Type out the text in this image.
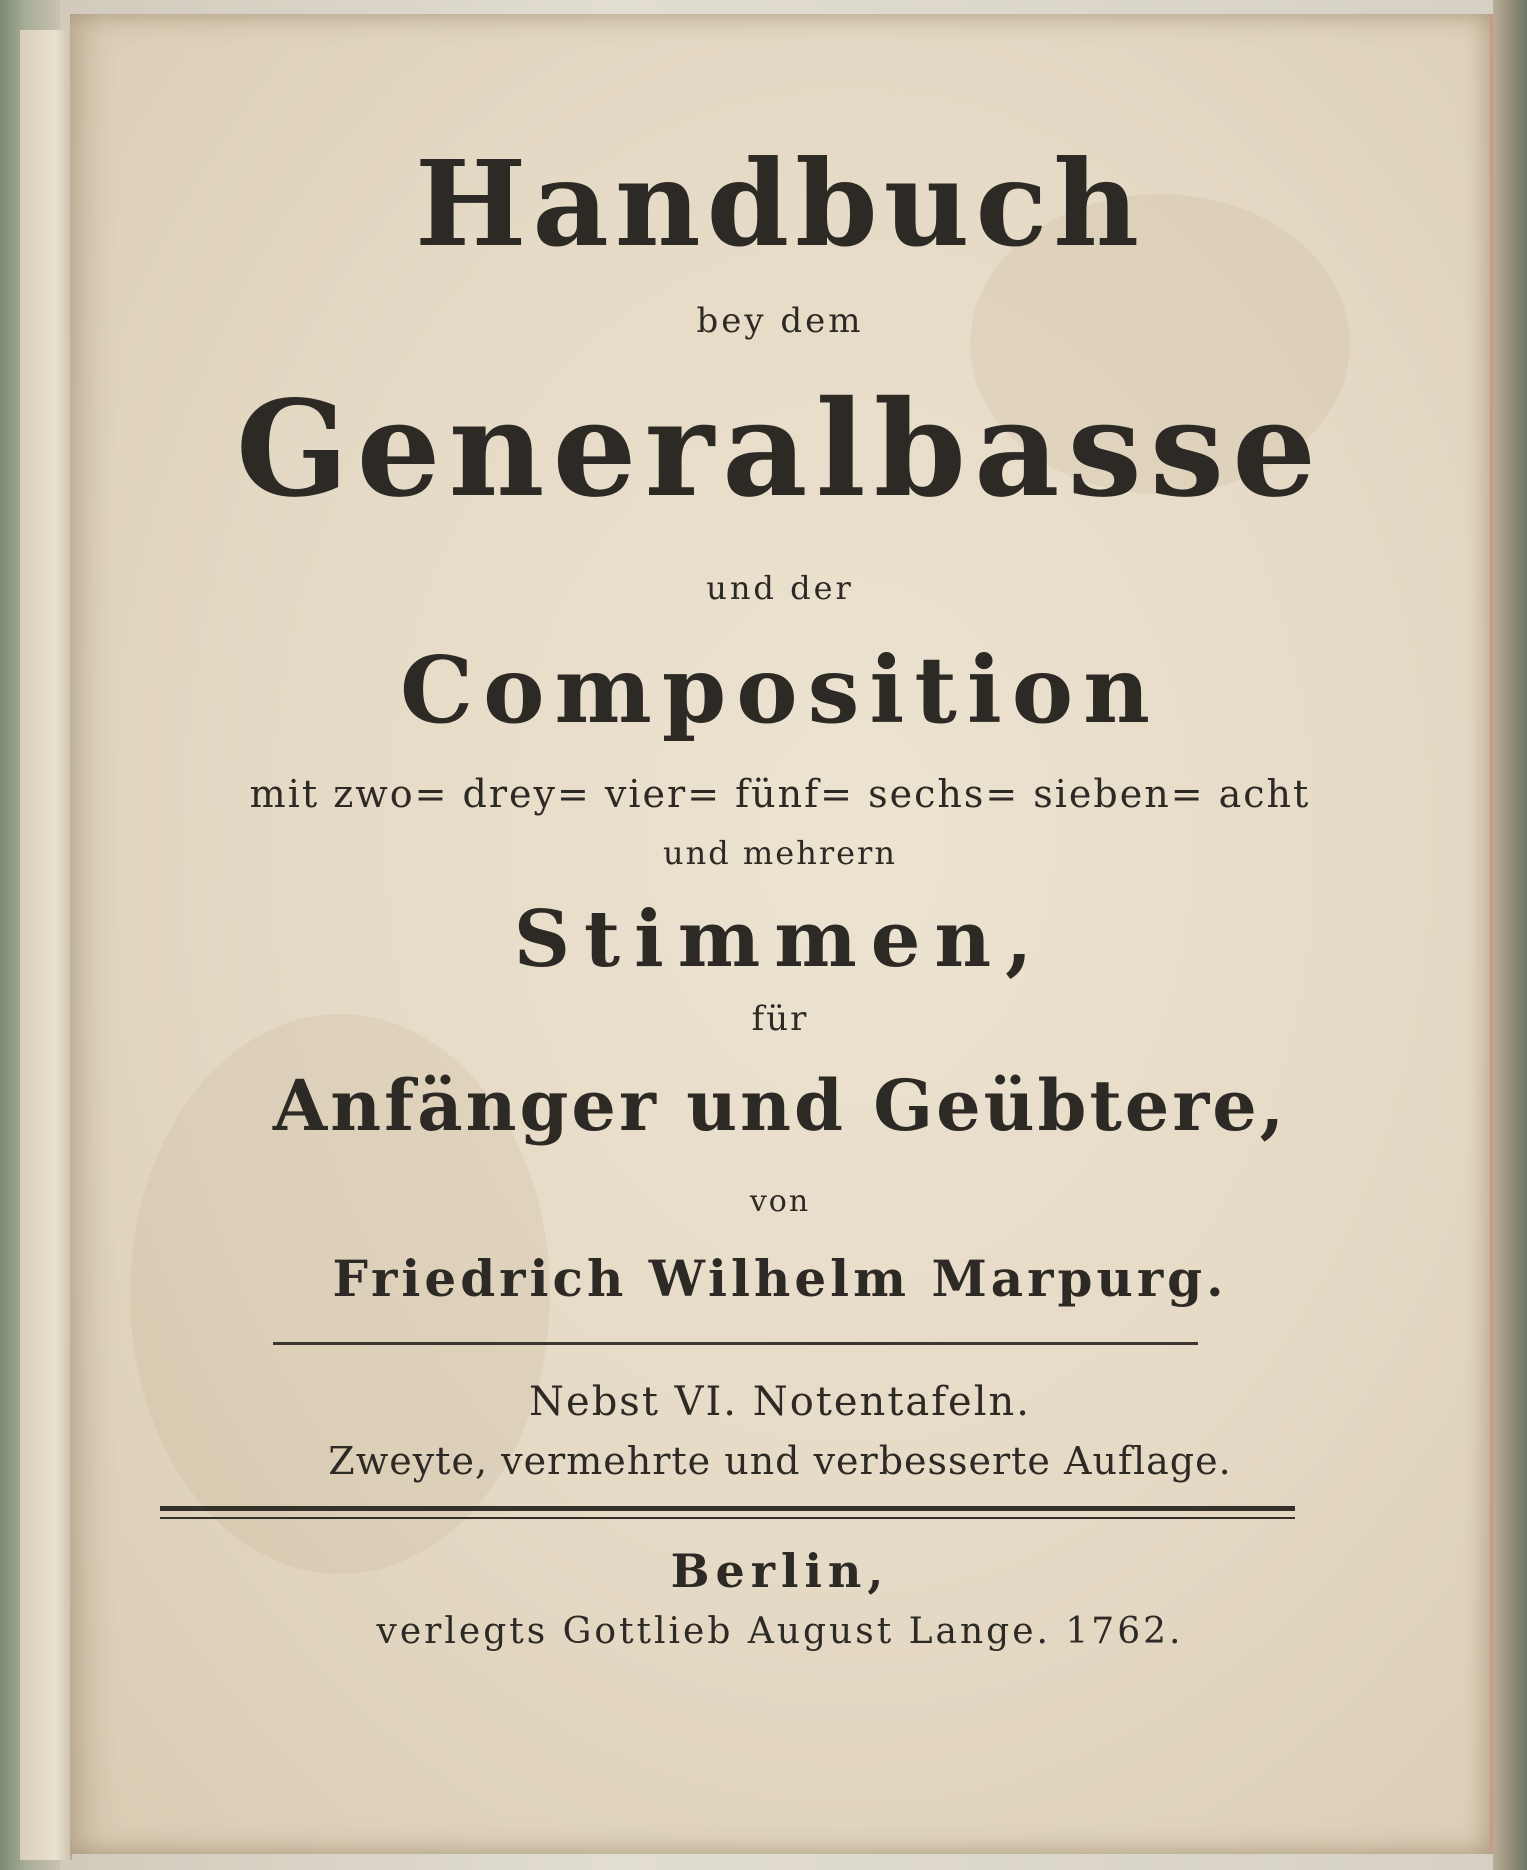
Handbuch
bey dem
Generalbasse
und der
Composition
mit zwo= drey= vier= fünf= sechs= sieben= acht
und mehrern
Stimmen,
für
Anfänger und Geübtere,
von
Friedrich Wilhelm Marpurg.
Nebst VI. Notentafeln.
Zweyte, vermehrte und verbesserte Auflage.
Berlin,
verlegts Gottlieb August Lange. 1762.
